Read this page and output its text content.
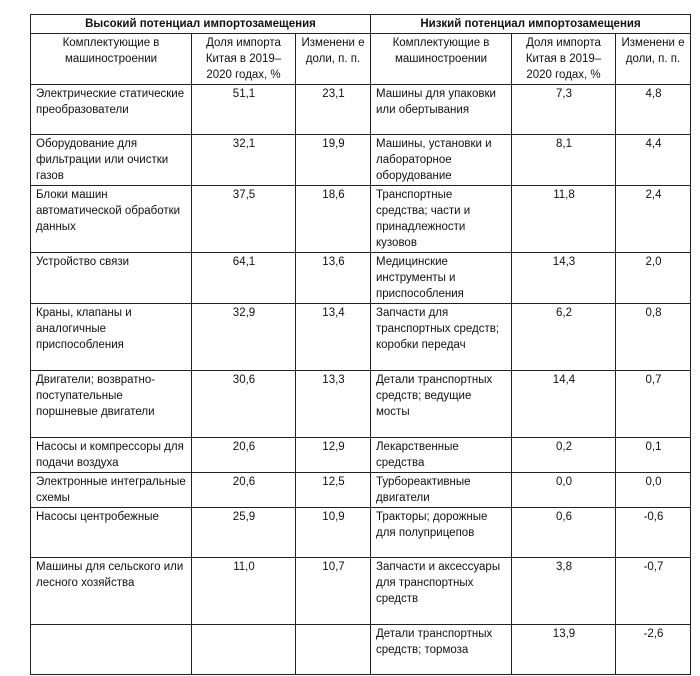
Высокий потенциал импортозамещения			Низкий потенциал импортозамещения		
Комплектующие в машиностроении	Доля импорта Китая в 2019–2020 годах, %	Изменени е доли, п. п.	Комплектующие в машиностроении	Доля импорта Китая в 2019–2020 годах, %	Изменени е доли, п. п.
Электрические статические преобразователи	51,1	23,1	Машины для упаковки или обертывания	7,3	4,8
Оборудование для фильтрации или очистки газов	32,1	19,9	Машины, установки и лабораторное оборудование	8,1	4,4
Блоки машин автоматической обработки данных	37,5	18,6	Транспортные средства; части и принадлежности кузовов	11,8	2,4
Устройство связи	64,1	13,6	Медицинские инструменты и приспособления	14,3	2,0
Краны, клапаны и аналогичные приспособления	32,9	13,4	Запчасти для транспортных средств; коробки передач	6,2	0,8
Двигатели; возвратно-поступательные поршневые двигатели	30,6	13,3	Детали транспортных средств; ведущие мосты	14,4	0,7
Насосы и компрессоры для подачи воздуха	20,6	12,9	Лекарственные средства	0,2	0,1
Электронные интегральные схемы	20,6	12,5	Турбореактивные двигатели	0,0	0,0
Насосы центробежные	25,9	10,9	Тракторы; дорожные для полуприцепов	0,6	-0,6
Машины для сельского или лесного хозяйства	11,0	10,7	Запчасти и аксессуары для транспортных средств	3,8	-0,7
			Детали транспортных средств; тормоза	13,9	-2,6
